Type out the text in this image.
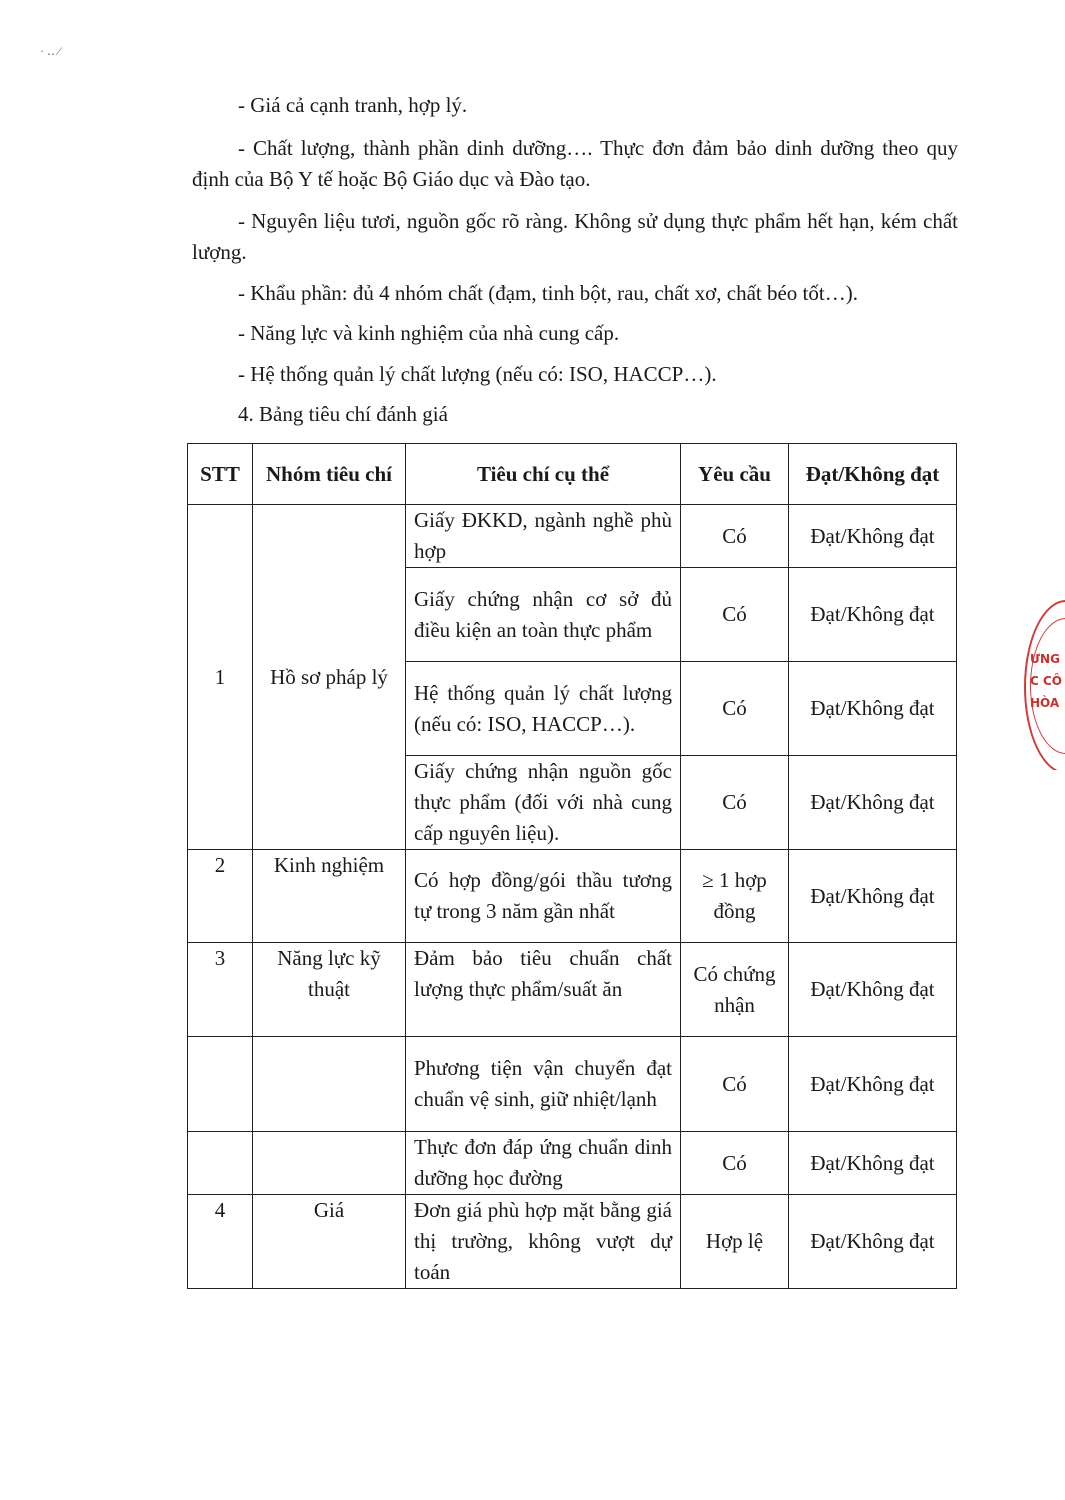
· ‥ ⁄

- Giá cả cạnh tranh, hợp lý.

- Chất lượng, thành phần dinh dưỡng…. Thực đơn đảm bảo dinh dưỡng theo quy định của Bộ Y tế hoặc Bộ Giáo dục và Đào tạo.

- Nguyên liệu tươi, nguồn gốc rõ ràng. Không sử dụng thực phẩm hết hạn, kém chất lượng.

- Khẩu phần: đủ 4 nhóm chất (đạm, tinh bột, rau, chất xơ, chất béo tốt…).

- Năng lực và kinh nghiệm của nhà cung cấp.

- Hệ thống quản lý chất lượng (nếu có: ISO, HACCP…).

4. Bảng tiêu chí đánh giá

STT	Nhóm tiêu chí	Tiêu chí cụ thể	Yêu cầu	Đạt/Không đạt
1	Hồ sơ pháp lý	Giấy ĐKKD, ngành nghề phù hợp	Có	Đạt/Không đạt
		Giấy chứng nhận cơ sở đủ điều kiện an toàn thực phẩm	Có	Đạt/Không đạt
		Hệ thống quản lý chất lượng (nếu có: ISO, HACCP…).	Có	Đạt/Không đạt
		Giấy chứng nhận nguồn gốc thực phẩm (đối với nhà cung cấp nguyên liệu).	Có	Đạt/Không đạt
2	Kinh nghiệm	Có hợp đồng/gói thầu tương tự trong 3 năm gần nhất	≥ 1 hợp đồng	Đạt/Không đạt
3	Năng lực kỹ thuật	Đảm bảo tiêu chuẩn chất lượng thực phẩm/suất ăn	Có chứng nhận	Đạt/Không đạt
		Phương tiện vận chuyển đạt chuẩn vệ sinh, giữ nhiệt/lạnh	Có	Đạt/Không đạt
		Thực đơn đáp ứng chuẩn dinh dưỡng học đường	Có	Đạt/Không đạt
4	Giá	Đơn giá phù hợp mặt bằng giá thị trường, không vượt dự toán	Hợp lệ	Đạt/Không đạt
ƯNG
C CÔ
HÒA
